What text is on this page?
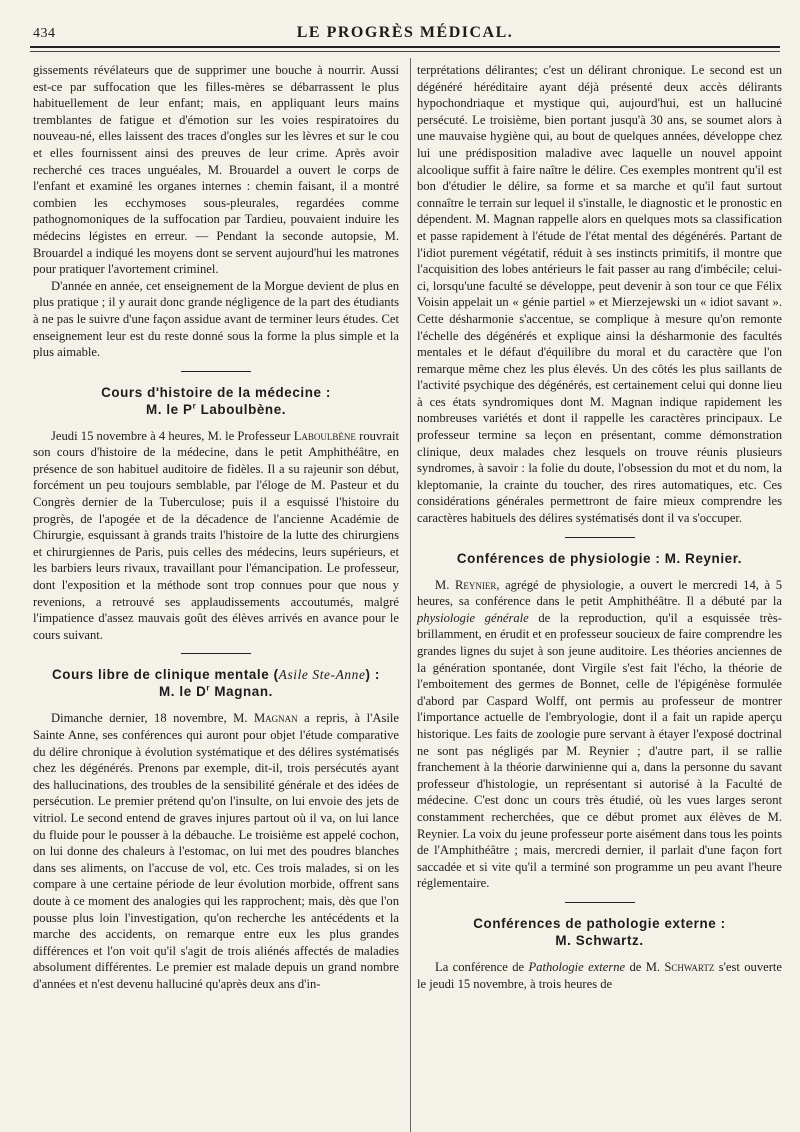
434	LE PROGRÈS MÉDICAL.

gissements révélateurs que de supprimer une bouche à nourrir. Aussi est-ce par suffocation que les filles-mères se débarrassent le plus habituellement de leur enfant; mais, en appliquant leurs mains tremblantes de fatigue et d'émotion sur les voies respiratoires du nouveau-né, elles laissent des traces d'ongles sur les lèvres et sur le cou et elles fournissent ainsi des preuves de leur crime. Après avoir recherché ces traces unguéales, M. Brouardel a ouvert le corps de l'enfant et examiné les organes internes : chemin faisant, il a montré combien les ecchymoses sous-pleurales, regardées comme pathognomoniques de la suffocation par Tardieu, pouvaient induire les médecins légistes en erreur. — Pendant la seconde autopsie, M. Brouardel a indiqué les moyens dont se servent aujourd'hui les matrones pour pratiquer l'avortement criminel.

D'année en année, cet enseignement de la Morgue devient de plus en plus pratique ; il y aurait donc grande négligence de la part des étudiants à ne pas le suivre d'une façon assidue avant de terminer leurs études. Cet enseignement leur est du reste donné sous la forme la plus simple et la plus aimable.

Cours d'histoire de la médecine :
M. le $P^r$ Laboulbène.

Jeudi 15 novembre à 4 heures, M. le Professeur Laboulbène rouvrait son cours d'histoire de la médecine, dans le petit Amphithéâtre, en présence de son habituel auditoire de fidèles. Il a su rajeunir son début, forcément un peu toujours semblable, par l'éloge de M. Pasteur et du Congrès dernier de la Tuberculose; puis il a esquissé l'histoire du progrès, de l'apogée et de la décadence de l'ancienne Académie de Chirurgie, esquissant à grands traits l'histoire de la lutte des chirurgiens et chirurgiennes de Paris, puis celles des médecins, leurs supérieurs, et les barbiers leurs rivaux, travaillant pour l'émancipation. Le professeur, dont l'exposition et la méthode sont trop connues pour que nous y revenions, a retrouvé ses applaudissements accoutumés, malgré l'impatience d'assez mauvais goût des élèves arrivés en avance pour le cours suivant.

Cours libre de clinique mentale (Asile Ste-Anne) :
M. le $D^r$ Magnan.

Dimanche dernier, 18 novembre, M. Magnan a repris, à l'Asile Sainte Anne, ses conférences qui auront pour objet l'étude comparative du délire chronique à évolution systématique et des délires systématisés chez les dégénérés. Prenons par exemple, dit-il, trois persécutés ayant des hallucinations, des troubles de la sensibilité générale et des idées de persécution. Le premier prétend qu'on l'insulte, on lui envoie des jets de vitriol. Le second entend de graves injures partout où il va, on lui lance du fluide pour le pousser à la débauche. Le troisième est appelé cochon, on lui donne des chaleurs à l'estomac, on lui met des poudres blanches dans ses aliments, on l'accuse de vol, etc. Ces trois malades, si on les compare à une certaine période de leur évolution morbide, offrent sans doute à ce moment des analogies qui les rapprochent; mais, dès que l'on pousse plus loin l'investigation, qu'on recherche les antécédents et la marche des accidents, on remarque entre eux les plus grandes différences et l'on voit qu'il s'agit de trois aliénés affectés de maladies absolument différentes. Le premier est malade depuis un grand nombre d'années et n'est devenu halluciné qu'après deux ans d'in-

terprétations délirantes; c'est un délirant chronique. Le second est un dégénéré héréditaire ayant déjà présenté deux accès délirants hypochondriaque et mystique qui, aujourd'hui, est un halluciné persécuté. Le troisième, bien portant jusqu'à 30 ans, se soumet alors à une mauvaise hygiène qui, au bout de quelques années, développe chez lui une prédisposition maladive avec laquelle un nouvel appoint alcoolique suffit à faire naître le délire. Ces exemples montrent qu'il est bon d'étudier le délire, sa forme et sa marche et qu'il faut surtout connaître le terrain sur lequel il s'installe, le diagnostic et le pronostic en dépendent. M. Magnan rappelle alors en quelques mots sa classification et passe rapidement à l'étude de l'état mental des dégénérés. Partant de l'idiot purement végétatif, réduit à ses instincts primitifs, il montre que l'acquisition des lobes antérieurs le fait passer au rang d'imbécile; celui-ci, lorsqu'une faculté se développe, peut devenir à son tour ce que Félix Voisin appelait un « génie partiel » et Mierzejewski un « idiot savant ». Cette désharmonie s'accentue, se complique à mesure qu'on remonte l'échelle des dégénérés et explique ainsi la désharmonie des facultés mentales et le défaut d'équilibre du moral et du caractère que l'on remarque même chez les plus élevés. Un des côtés les plus saillants de l'activité psychique des dégénérés, est certainement celui qui donne lieu à ces états syndromiques dont M. Magnan indique rapidement les nombreuses variétés et dont il rappelle les caractères principaux. Le professeur termine sa leçon en présentant, comme démonstration clinique, deux malades chez lesquels on trouve réunis plusieurs syndromes, à savoir : la folie du doute, l'obsession du mot et du nom, la kleptomanie, la crainte du toucher, des rires automatiques, etc. Ces considérations générales permettront de faire mieux comprendre les caractères habituels des délires systématisés dont il va s'occuper.

Conférences de physiologie : M. Reynier.

M. Reynier, agrégé de physiologie, a ouvert le mercredi 14, à 5 heures, sa conférence dans le petit Amphithéâtre. Il a débuté par la physiologie générale de la reproduction, qu'il a esquissée très-brillamment, en érudit et en professeur soucieux de faire comprendre les grandes lignes du sujet à son jeune auditoire. Les théories anciennes de la génération spontanée, dont Virgile s'est fait l'écho, la théorie de l'emboitement des germes de Bonnet, celle de l'épigénèse formulée d'abord par Caspard Wolff, ont permis au professeur de montrer l'importance actuelle de l'embryologie, dont il a fait un rapide aperçu historique. Les faits de zoologie pure servant à étayer l'exposé doctrinal ne sont pas négligés par M. Reynier ; d'autre part, il se rallie franchement à la théorie darwinienne qui a, dans la personne du savant professeur d'histologie, un représentant si autorisé à la Faculté de médecine. C'est donc un cours très étudié, où les vues larges seront constamment recherchées, que ce début promet aux élèves de M. Reynier. La voix du jeune professeur porte aisément dans tous les points de l'Amphithéâtre ; mais, mercredi dernier, il parlait d'une façon fort saccadée et si vite qu'il a terminé son programme un peu avant l'heure réglementaire.

Conférences de pathologie externe :
M. Schwartz.

La conférence de Pathologie externe de M. Schwartz s'est ouverte le jeudi 15 novembre, à trois heures de
